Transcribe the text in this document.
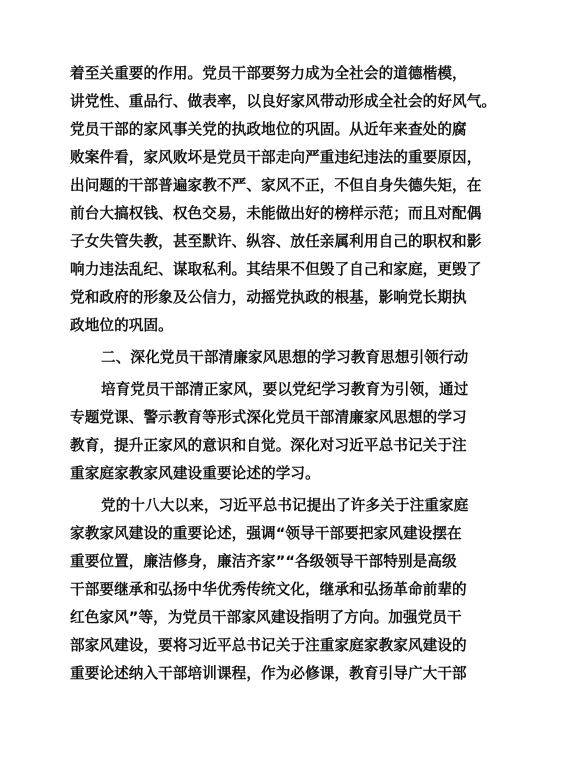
着至关重要的作用。党员干部要努力成为全社会的道德楷模，
讲党性、重品行、做表率，以良好家风带动形成全社会的好风气。
党员干部的家风事关党的执政地位的巩固。从近年来查处的腐
败案件看，家风败坏是党员干部走向严重违纪违法的重要原因，
出问题的干部普遍家教不严、家风不正，不但自身失德失矩，在
前台大搞权钱、权色交易，未能做出好的榜样示范；而且对配偶
子女失管失教，甚至默许、纵容、放任亲属利用自己的职权和影
响力违法乱纪、谋取私利。其结果不但毁了自己和家庭，更毁了
党和政府的形象及公信力，动摇党执政的根基，影响党长期执
政地位的巩固。
二、深化党员干部清廉家风思想的学习教育思想引领行动
培育党员干部清正家风，要以党纪学习教育为引领，通过
专题党课、警示教育等形式深化党员干部清廉家风思想的学习
教育，提升正家风的意识和自觉。深化对习近平总书记关于注
重家庭家教家风建设重要论述的学习。
党的十八大以来，习近平总书记提出了许多关于注重家庭
家教家风建设的重要论述，强调“领导干部要把家风建设摆在
重要位置，廉洁修身，廉洁齐家”“各级领导干部特别是高级
干部要继承和弘扬中华优秀传统文化，继承和弘扬革命前辈的
红色家风”等，为党员干部家风建设指明了方向。加强党员干
部家风建设，要将习近平总书记关于注重家庭家教家风建设的
重要论述纳入干部培训课程，作为必修课，教育引导广大干部
